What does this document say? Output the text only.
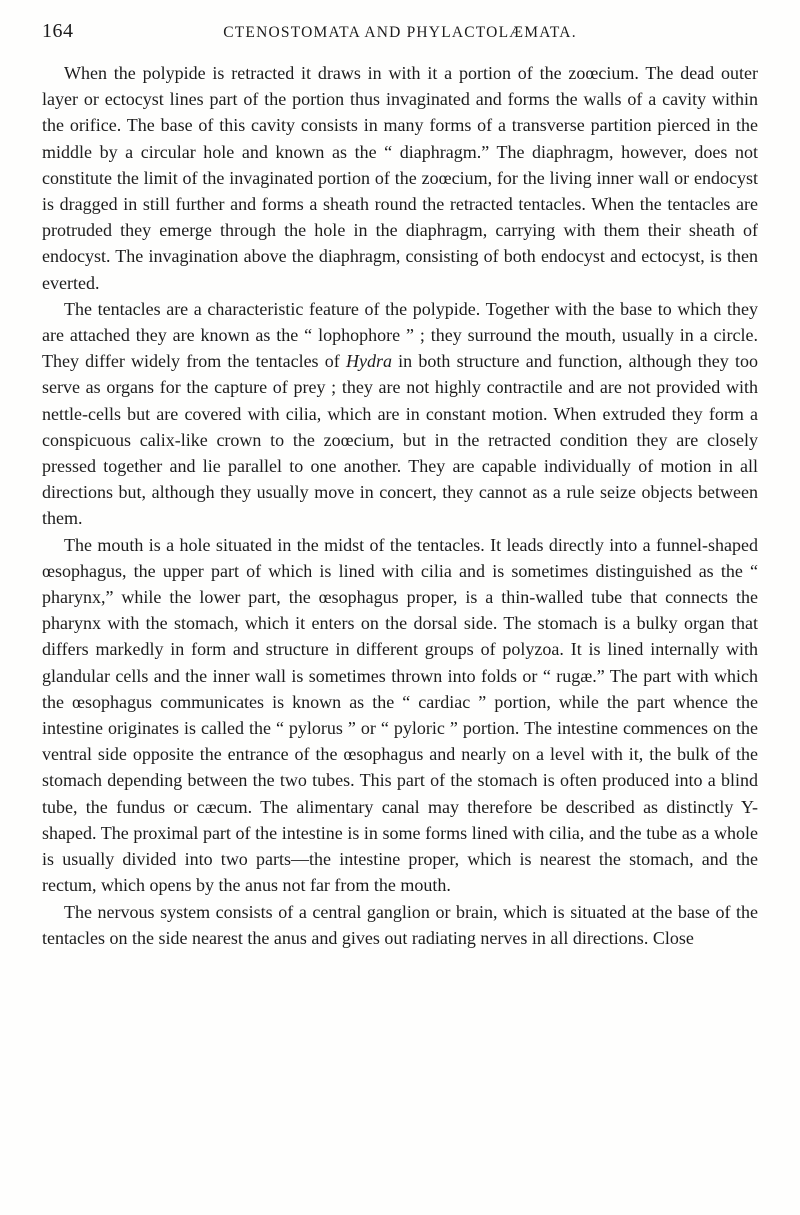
164	CTENOSTOMATA AND PHYLACTOLÆMATA.

When the polypide is retracted it draws in with it a portion of the zoœcium. The dead outer layer or ectocyst lines part of the portion thus invaginated and forms the walls of a cavity within the orifice. The base of this cavity consists in many forms of a transverse partition pierced in the middle by a circular hole and known as the “ diaphragm.” The diaphragm, however, does not constitute the limit of the invaginated portion of the zoœcium, for the living inner wall or endocyst is dragged in still further and forms a sheath round the retracted tentacles. When the tentacles are protruded they emerge through the hole in the diaphragm, carrying with them their sheath of endocyst. The invagination above the diaphragm, consisting of both endocyst and ectocyst, is then everted.

The tentacles are a characteristic feature of the polypide. Together with the base to which they are attached they are known as the “ lophophore ” ; they surround the mouth, usually in a circle. They differ widely from the tentacles of Hydra in both structure and function, although they too serve as organs for the capture of prey ; they are not highly contractile and are not provided with nettle-cells but are covered with cilia, which are in constant motion. When extruded they form a conspicuous calix-like crown to the zoœcium, but in the retracted condition they are closely pressed together and lie parallel to one another. They are capable individually of motion in all directions but, although they usually move in concert, they cannot as a rule seize objects between them.

The mouth is a hole situated in the midst of the tentacles. It leads directly into a funnel-shaped œsophagus, the upper part of which is lined with cilia and is sometimes distinguished as the “ pharynx,” while the lower part, the œsophagus proper, is a thin-walled tube that connects the pharynx with the stomach, which it enters on the dorsal side. The stomach is a bulky organ that differs markedly in form and structure in different groups of polyzoa. It is lined internally with glandular cells and the inner wall is sometimes thrown into folds or “ rugæ.” The part with which the œsophagus communicates is known as the “ cardiac ” portion, while the part whence the intestine originates is called the “ pylorus ” or “ pyloric ” portion. The intestine commences on the ventral side opposite the entrance of the œsophagus and nearly on a level with it, the bulk of the stomach depending between the two tubes. This part of the stomach is often produced into a blind tube, the fundus or cæcum. The alimentary canal may therefore be described as distinctly Y-shaped. The proximal part of the intestine is in some forms lined with cilia, and the tube as a whole is usually divided into two parts—the intestine proper, which is nearest the stomach, and the rectum, which opens by the anus not far from the mouth.

The nervous system consists of a central ganglion or brain, which is situated at the base of the tentacles on the side nearest the anus and gives out radiating nerves in all directions. Close
